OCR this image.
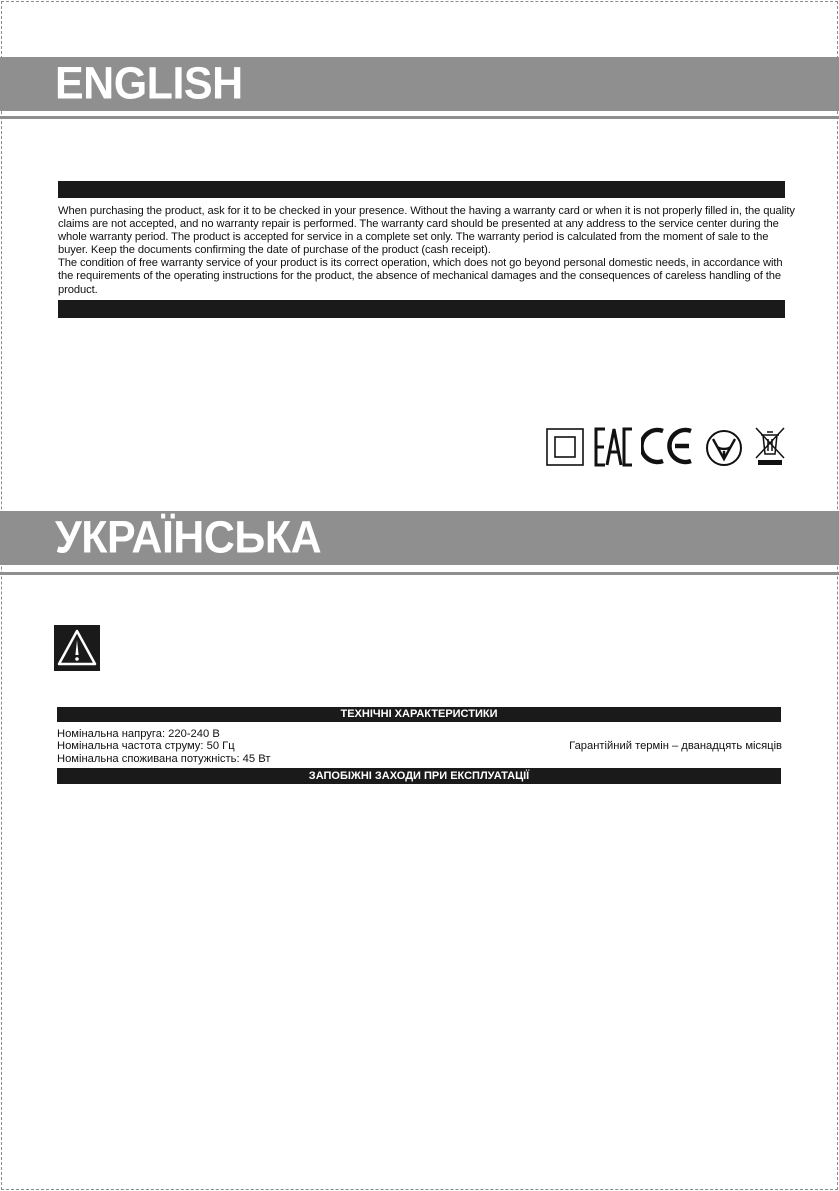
ENGLISH

When purchasing the product, ask for it to be checked in your presence. Without the having a warranty card or when it is not properly filled in, the quality claims are not accepted, and no warranty repair is performed. The warranty card should be presented at any address to the service center during the whole warranty period. The product is accepted for service in a complete set only. The warranty period is calculated from the moment of sale to the buyer. Keep the documents confirming the date of purchase of the product (cash receipt).

The condition of free warranty service of your product is its correct operation, which does not go beyond personal domestic needs, in accordance with the requirements of the operating instructions for the product, the absence of mechanical damages and the consequences of careless handling of the product.

УКРАЇНСЬКА
ТЕХНІЧНІ ХАРАКТЕРИСТИКИ
Номінальна напруга: 220-240 В
Номінальна частота струму: 50 Гц
Номінальна споживана потужність: 45 Вт
Гарантійний термін – дванадцять місяців
ЗАПОБІЖНІ ЗАХОДИ ПРИ ЕКСПЛУАТАЦІЇ
